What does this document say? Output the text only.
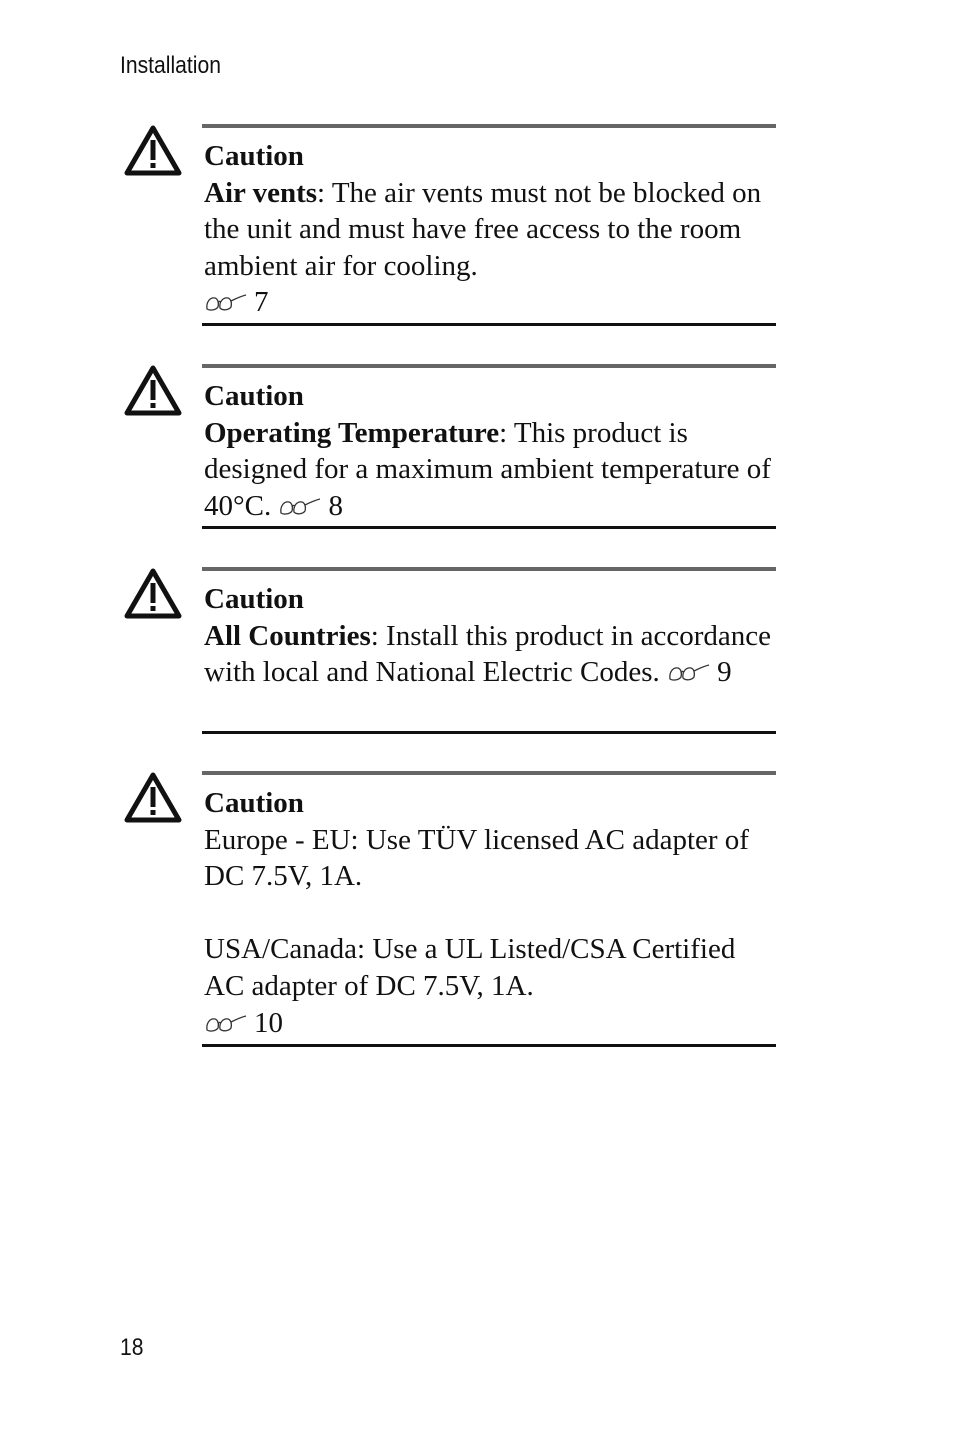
Installation
Caution
Air vents: The air vents must not be blocked on the unit and must have free access to the room ambient air for cooling.
7
Caution
Operating Temperature: This product is designed for a maximum ambient temperature of 40°C. 8
Caution
All Countries: Install this product in accordance with local and National Electric Codes. 9
Caution
Europe - EU: Use TÜV licensed AC adapter of DC 7.5V, 1A.
USA/Canada: Use a UL Listed/CSA Certified AC adapter of DC 7.5V, 1A.
10
18
